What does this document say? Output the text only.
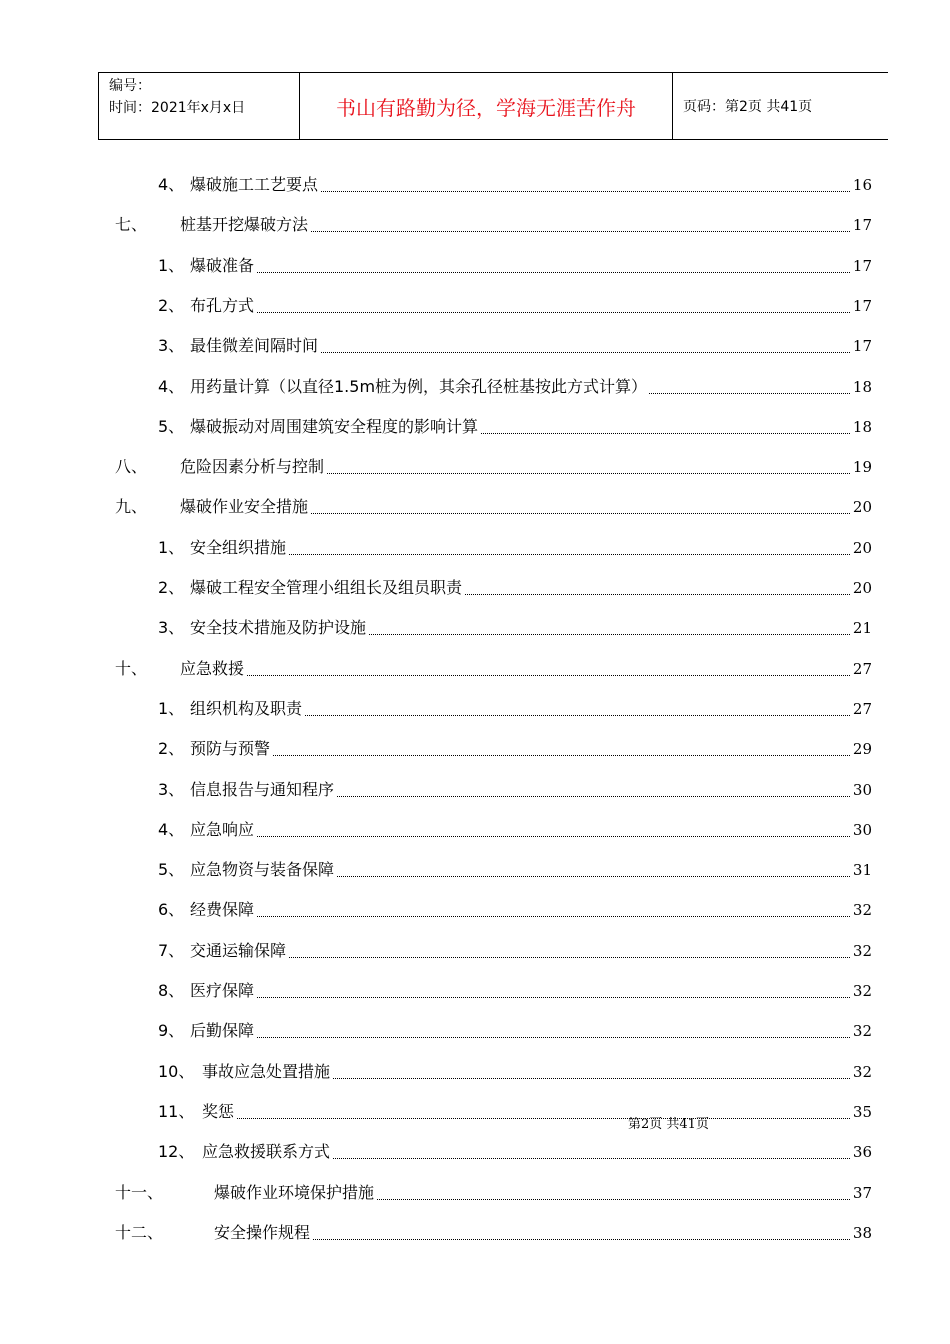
编号：
时间：2021年x月x日	书山有路勤为径，学海无涯苦作舟	页码：第2页 共41页
4、 爆破施工工艺要点	16
七、 桩基开挖爆破方法	17
1、 爆破准备	17
2、 布孔方式	17
3、 最佳微差间隔时间	17
4、 用药量计算（以直径1.5m桩为例，其余孔径桩基按此方式计算）	18
5、 爆破振动对周围建筑安全程度的影响计算	18
八、 危险因素分析与控制	19
九、 爆破作业安全措施	20
1、 安全组织措施	20
2、 爆破工程安全管理小组组长及组员职责	20
3、 安全技术措施及防护设施	21
十、 应急救援	27
1、 组织机构及职责	27
2、 预防与预警	29
3、 信息报告与通知程序	30
4、 应急响应	30
5、 应急物资与装备保障	31
6、 经费保障	32
7、 交通运输保障	32
8、 医疗保障	32
9、 后勤保障	32
10、 事故应急处置措施	32
11、 奖惩	35
12、 应急救援联系方式	36
十一、	爆破作业环境保护措施	37
十二、	安全操作规程	38
第2页 共41页
